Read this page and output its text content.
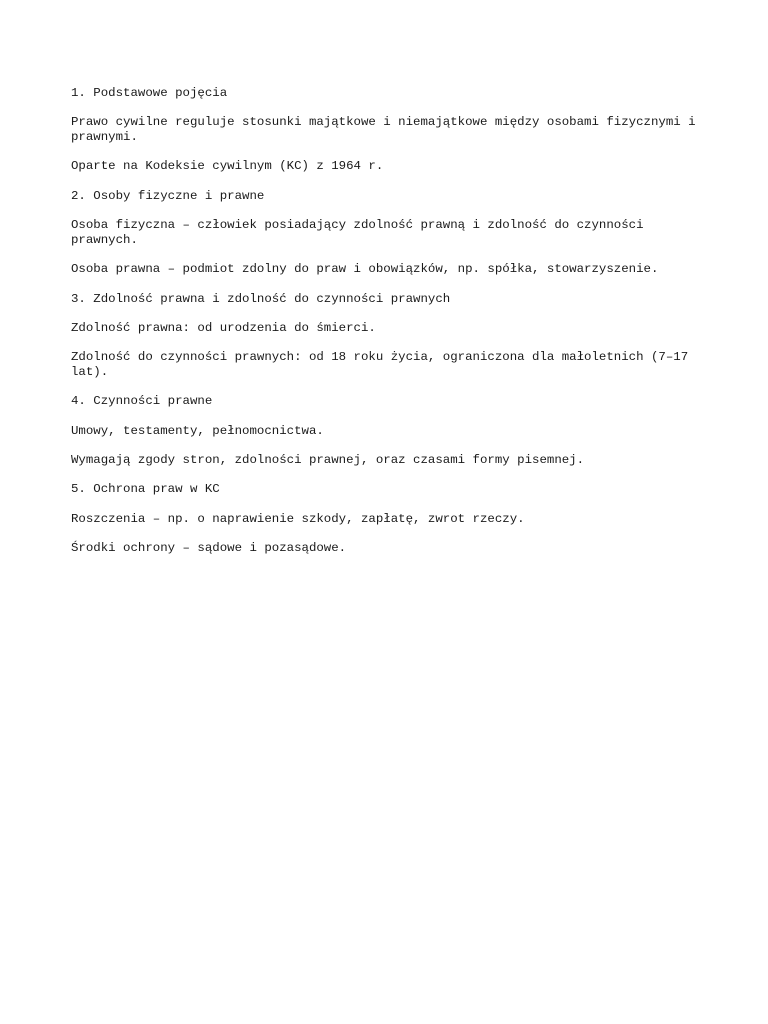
1. Podstawowe pojęcia

Prawo cywilne reguluje stosunki majątkowe i niemajątkowe między osobami fizycznymi i prawnymi.

Oparte na Kodeksie cywilnym (KC) z 1964 r.

2. Osoby fizyczne i prawne

Osoba fizyczna – człowiek posiadający zdolność prawną i zdolność do czynności prawnych.

Osoba prawna – podmiot zdolny do praw i obowiązków, np. spółka, stowarzyszenie.

3. Zdolność prawna i zdolność do czynności prawnych

Zdolność prawna: od urodzenia do śmierci.

Zdolność do czynności prawnych: od 18 roku życia, ograniczona dla małoletnich (7–17 lat).

4. Czynności prawne

Umowy, testamenty, pełnomocnictwa.

Wymagają zgody stron, zdolności prawnej, oraz czasami formy pisemnej.

5. Ochrona praw w KC

Roszczenia – np. o naprawienie szkody, zapłatę, zwrot rzeczy.

Środki ochrony – sądowe i pozasądowe.
